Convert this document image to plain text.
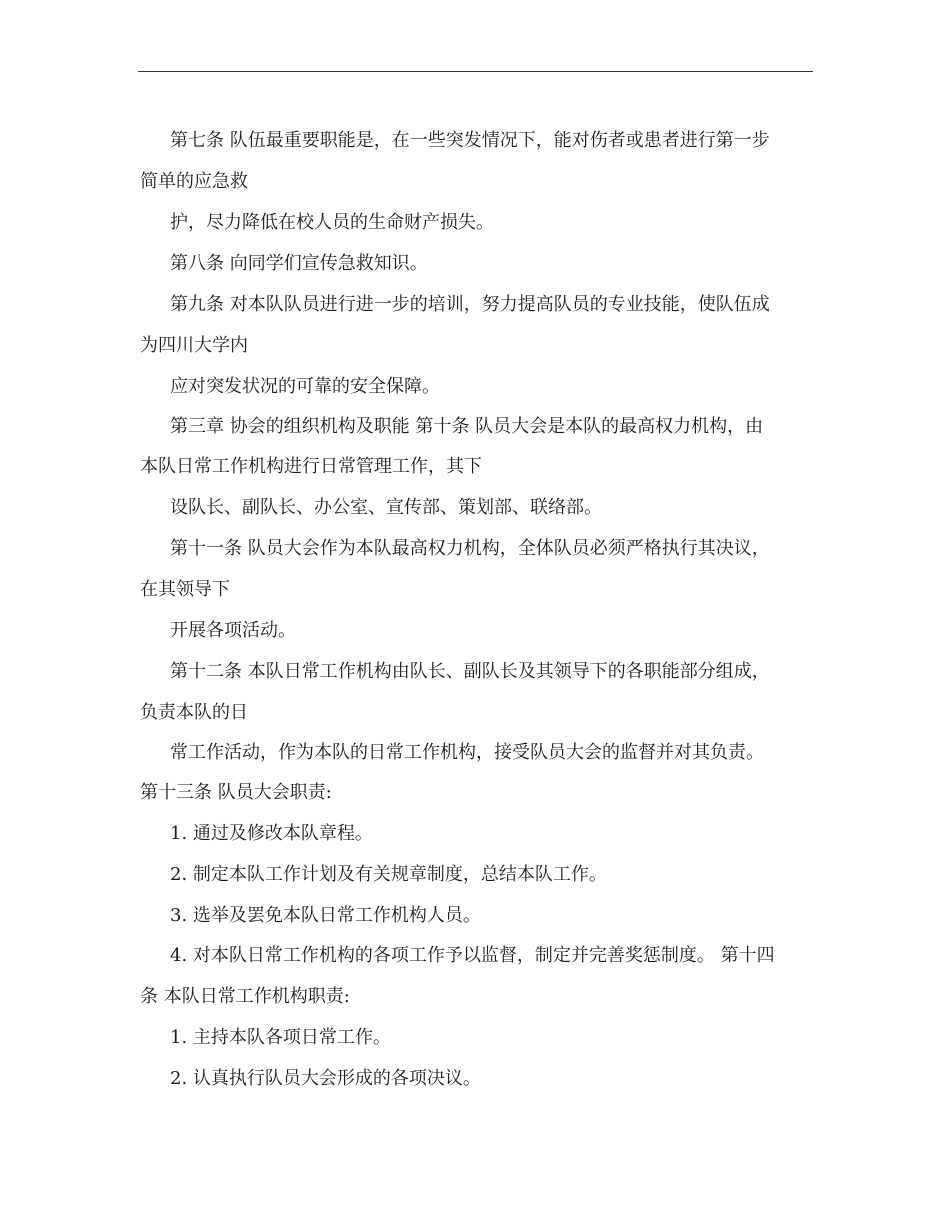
第七条 队伍最重要职能是，在一些突发情况下，能对伤者或患者进行第一步
简单的应急救
护，尽力降低在校人员的生命财产损失。
第八条 向同学们宣传急救知识。
第九条 对本队队员进行进一步的培训，努力提高队员的专业技能，使队伍成
为四川大学内
应对突发状况的可靠的安全保障。
第三章 协会的组织机构及职能 第十条 队员大会是本队的最高权力机构，由
本队日常工作机构进行日常管理工作，其下
设队长、副队长、办公室、宣传部、策划部、联络部。
第十一条 队员大会作为本队最高权力机构，全体队员必须严格执行其决议，
在其领导下
开展各项活动。
第十二条 本队日常工作机构由队长、副队长及其领导下的各职能部分组成，
负责本队的日
常工作活动，作为本队的日常工作机构，接受队员大会的监督并对其负责。
第十三条 队员大会职责:
1. 通过及修改本队章程。
2. 制定本队工作计划及有关规章制度，总结本队工作。
3. 选举及罢免本队日常工作机构人员。
4. 对本队日常工作机构的各项工作予以监督，制定并完善奖惩制度。 第十四
条 本队日常工作机构职责:
1. 主持本队各项日常工作。
2. 认真执行队员大会形成的各项决议。
